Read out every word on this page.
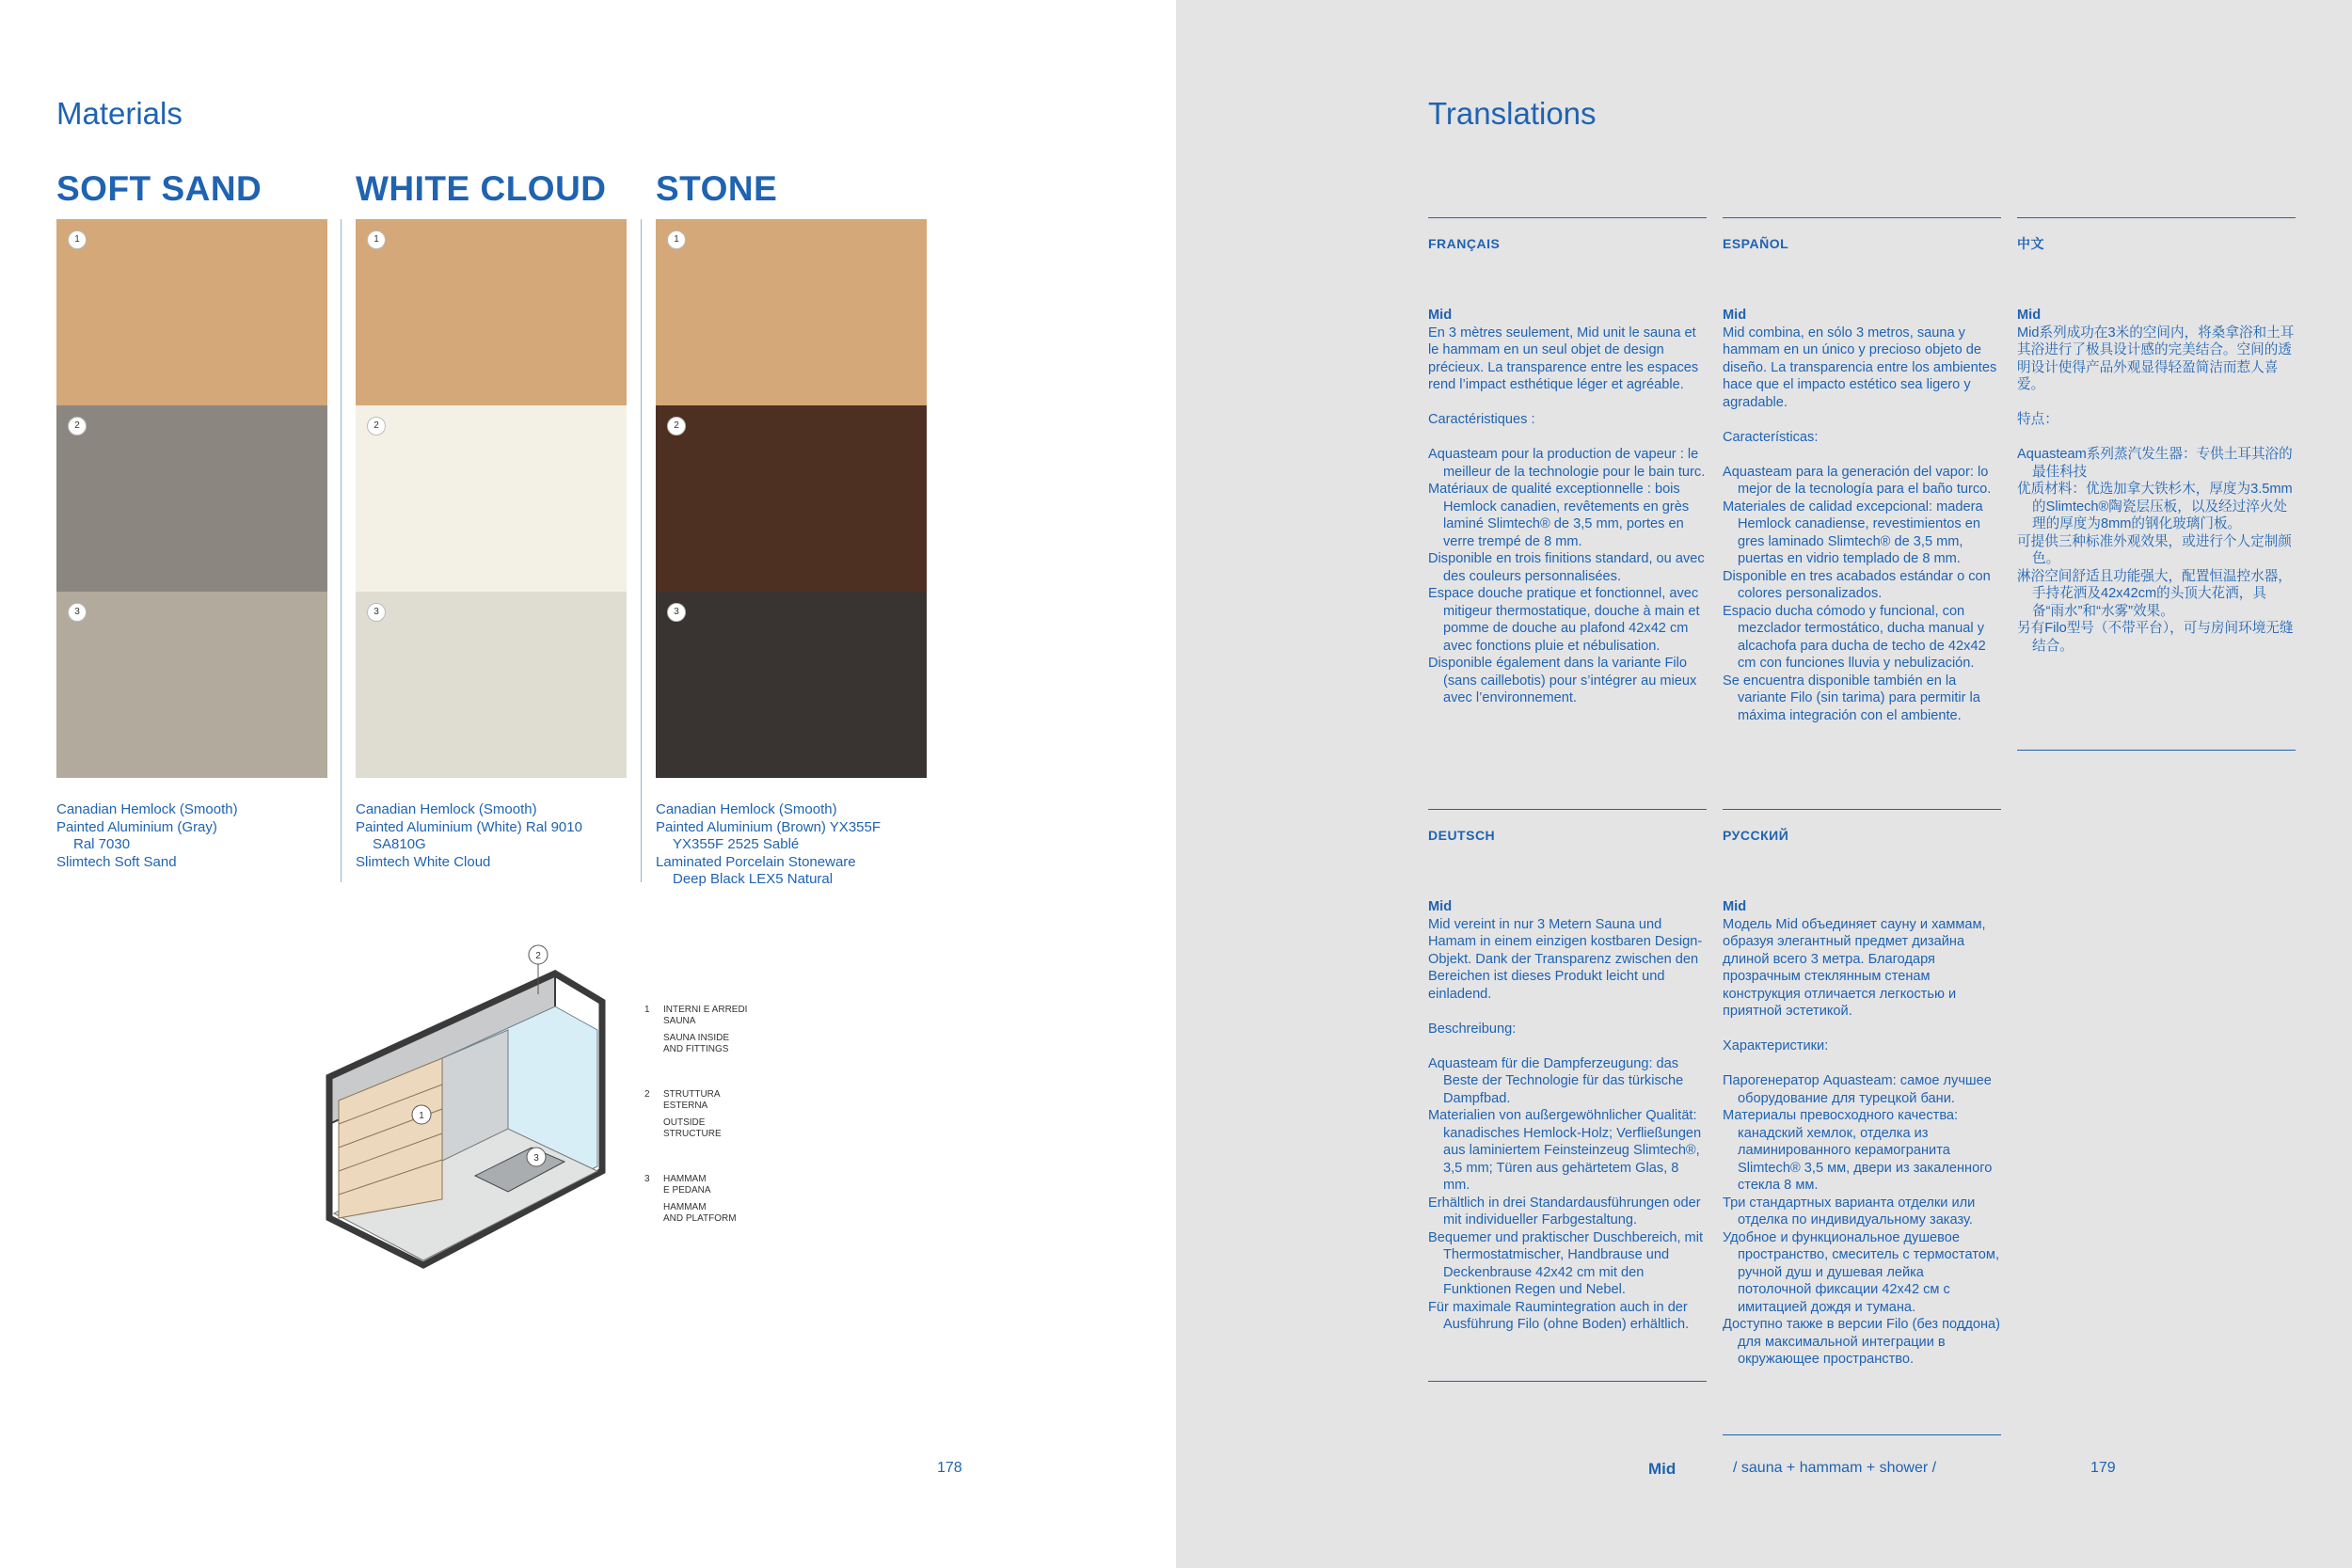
Materials
SOFT SAND	WHITE CLOUD STONE
1
2
3
1
2
3
1
2
3
Canadian Hemlock (Smooth)
Painted Aluminium (Gray)
Ral 7030
Slimtech Soft Sand
Canadian Hemlock (Smooth)
Painted Aluminium (White) Ral 9010
SA810G
Slimtech White Cloud
Canadian Hemlock (Smooth)
Painted Aluminium (Brown) YX355F
YX355F 2525 Sablé
Laminated Porcelain Stoneware
Deep Black LEX5 Natural
2
1
3
1	INTERNI E ARREDI
SAUNA
SAUNA INSIDE
AND FITTINGS
2	STRUTTURA
ESTERNA
OUTSIDE
STRUCTURE
3	HAMMAM
E PEDANA
HAMMAM
AND PLATFORM
178
Translations
FRANÇAIS
Mid
En 3 mètres seulement, Mid unit le sauna et le hammam en un seul objet de design précieux. La transparence entre les espaces rend l’impact esthétique léger et agréable.
Caractéristiques :
Aquasteam pour la production de vapeur : le meilleur de la technologie pour le bain turc.
Matériaux de qualité exceptionnelle : bois Hemlock canadien, revêtements en grès laminé Slimtech® de 3,5 mm, portes en verre trempé de 8 mm.
Disponible en trois finitions standard, ou avec des couleurs personnalisées.
Espace douche pratique et fonctionnel, avec mitigeur thermostatique, douche à main et pomme de douche au plafond 42x42 cm avec fonctions pluie et nébulisation.
Disponible également dans la variante Filo (sans caillebotis) pour s’intégrer au mieux avec l’environnement.
ESPAÑOL
Mid
Mid combina, en sólo 3 metros, sauna y hammam en un único y precioso objeto de diseño. La transparencia entre los ambientes hace que el impacto estético sea ligero y agradable.
Características:
Aquasteam para la generación del vapor: lo mejor de la tecnología para el baño turco.
Materiales de calidad excepcional: madera Hemlock canadiense, revestimientos en gres laminado Slimtech® de 3,5 mm, puertas en vidrio templado de 8 mm.
Disponible en tres acabados estándar o con colores personalizados.
Espacio ducha cómodo y funcional, con mezclador termostático, ducha manual y alcachofa para ducha de techo de 42x42 cm con funciones lluvia y nebulización.
Se encuentra disponible también en la variante Filo (sin tarima) para permitir la máxima integración con el ambiente.
中文
Mid
Mid系列成功在3米的空间内，将桑拿浴和土耳其浴进行了极具设计感的完美结合。空间的透明设计使得产品外观显得轻盈简洁而惹人喜爱。
特点：
Aquasteam系列蒸汽发生器：专供土耳其浴的最佳科技
优质材料：优选加拿大铁杉木，厚度为3.5mm的Slimtech®陶瓷层压板，以及经过淬火处理的厚度为8mm的钢化玻璃门板。
可提供三种标准外观效果，或进行个人定制颜色。
淋浴空间舒适且功能强大，配置恒温控水器，手持花洒及42x42cm的头顶大花洒，具备“雨水”和“水雾”效果。
另有Filo型号（不带平台），可与房间环境无缝结合。
DEUTSCH
Mid
Mid vereint in nur 3 Metern Sauna und Hamam in einem einzigen kostbaren Design-Objekt. Dank der Transparenz zwischen den Bereichen ist dieses Produkt leicht und einladend.
Beschreibung:
Aquasteam für die Dampferzeugung: das Beste der Technologie für das türkische Dampfbad.
Materialien von außergewöhnlicher Qualität: kanadisches Hemlock-Holz; Verfließungen aus laminiertem Feinsteinzeug Slimtech®, 3,5 mm; Türen aus gehärtetem Glas, 8 mm.
Erhältlich in drei Standardausführungen oder mit individueller Farbgestaltung.
Bequemer und praktischer Duschbereich, mit Thermostatmischer, Handbrause und Deckenbrause 42x42 cm mit den Funktionen Regen und Nebel.
Für maximale Raumintegration auch in der Ausführung Filo (ohne Boden) erhältlich.
РУССКИЙ
Mid
Модель Mid объединяет сауну и хаммам, образуя элегантный предмет дизайна длиной всего 3 метра. Благодаря прозрачным стеклянным стенам конструкция отличается легкостью и приятной эстетикой.
Характеристики:
Парогенератор Aquasteam: самое лучшее оборудование для турецкой бани.
Материалы превосходного качества: канадский хемлок, отделка из ламинированного керамогранита Slimtech® 3,5 мм, двери из закаленного стекла 8 мм.
Три стандартных варианта отделки или отделка по индивидуальному заказу.
Удобное и функциональное душевое пространство, смеситель с термостатом, ручной душ и душевая лейка потолочной фиксации 42x42 см с имитацией дождя и тумана.
Доступно также в версии Filo (без поддона) для максимальной интеграции в окружающее пространство.
179
Mid	/ sauna + hammam + shower /
